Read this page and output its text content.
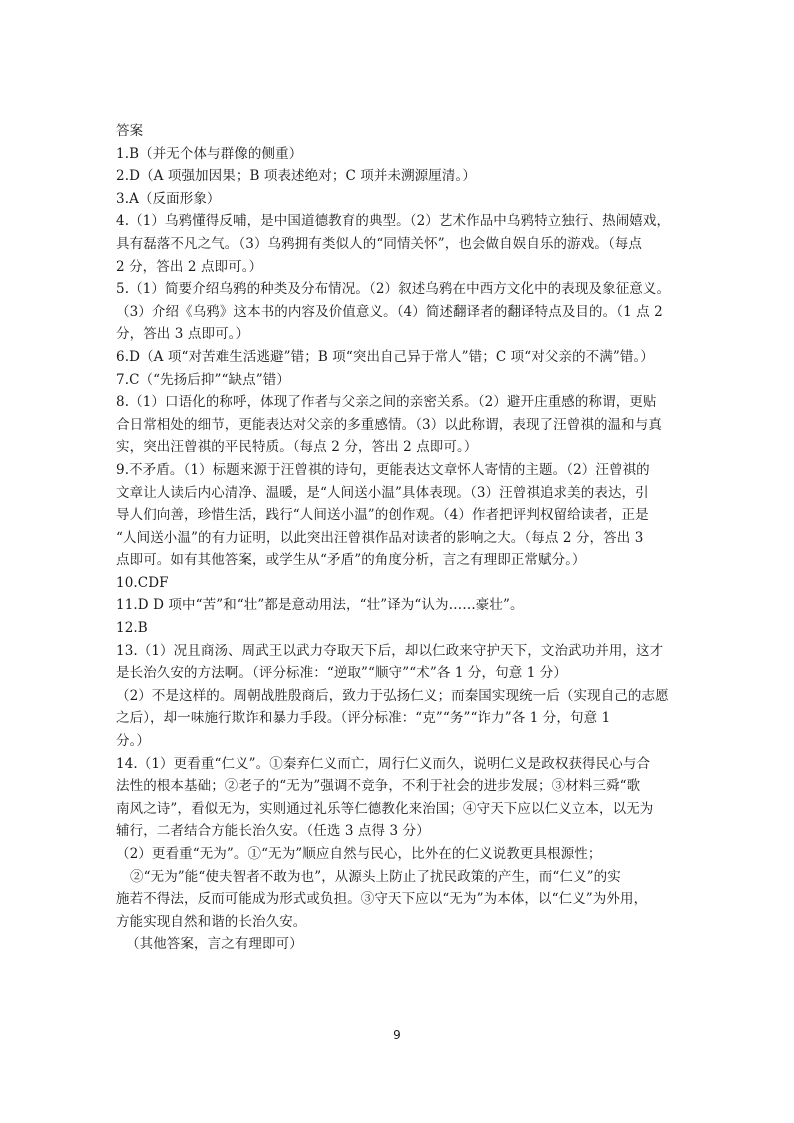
答案
1.B（并无个体与群像的侧重）
2.D（A 项强加因果；B 项表述绝对；C 项并未溯源厘清。）
3.A（反面形象）
4.（1）乌鸦懂得反哺，是中国道德教育的典型。（2）艺术作品中乌鸦特立独行、热闹嬉戏，
具有磊落不凡之气。（3）乌鸦拥有类似人的“同情关怀”，也会做自娱自乐的游戏。（每点
2 分，答出 2 点即可。）
5.（1）简要介绍乌鸦的种类及分布情况。（2）叙述乌鸦在中西方文化中的表现及象征意义。
（3）介绍《乌鸦》这本书的内容及价值意义。（4）简述翻译者的翻译特点及目的。（1 点 2
分，答出 3 点即可。）
6.D（A 项“对苦难生活逃避”错；B 项“突出自己异于常人”错；C 项“对父亲的不满”错。）
7.C（“先扬后抑”“缺点”错）
8.（1）口语化的称呼，体现了作者与父亲之间的亲密关系。（2）避开庄重感的称谓，更贴
合日常相处的细节，更能表达对父亲的多重感情。（3）以此称谓，表现了汪曾祺的温和与真
实，突出汪曾祺的平民特质。（每点 2 分，答出 2 点即可。）
9.不矛盾。（1）标题来源于汪曾祺的诗句，更能表达文章怀人寄情的主题。（2）汪曾祺的
文章让人读后内心清净、温暖，是“人间送小温”具体表现。（3）汪曾祺追求美的表达，引
导人们向善，珍惜生活，践行“人间送小温”的创作观。（4）作者把评判权留给读者，正是
“人间送小温”的有力证明，以此突出汪曾祺作品对读者的影响之大。（每点 2 分，答出 3
点即可。如有其他答案，或学生从“矛盾”的角度分析，言之有理即正常赋分。）
10.CDF
11.D D 项中“苦”和“壮”都是意动用法，“壮”译为“认为……豪壮”。
12.B
13.（1）况且商汤、周武王以武力夺取天下后，却以仁政来守护天下，文治武功并用，这才
是长治久安的方法啊。（评分标准：“逆取”“顺守”“术”各 1 分，句意 1 分）
（2）不是这样的。周朝战胜殷商后，致力于弘扬仁义；而秦国实现统一后（实现自己的志愿
之后），却一味施行欺诈和暴力手段。（评分标准：“克”“务”“诈力”各 1 分，句意 1
分。）
14.（1）更看重“仁义”。①秦弃仁义而亡，周行仁义而久，说明仁义是政权获得民心与合
法性的根本基础；②老子的“无为”强调不竞争，不利于社会的进步发展；③材料三舜“歌
南风之诗”，看似无为，实则通过礼乐等仁德教化来治国；④守天下应以仁义立本，以无为
辅行，二者结合方能长治久安。（任选 3 点得 3 分）
（2）更看重“无为”。①“无为”顺应自然与民心，比外在的仁义说教更具根源性；
②“无为”能“使夫智者不敢为也”，从源头上防止了扰民政策的产生，而“仁义”的实
施若不得法，反而可能成为形式或负担。③守天下应以“无为”为本体，以“仁义”为外用，
方能实现自然和谐的长治久安。
（其他答案，言之有理即可）
9
